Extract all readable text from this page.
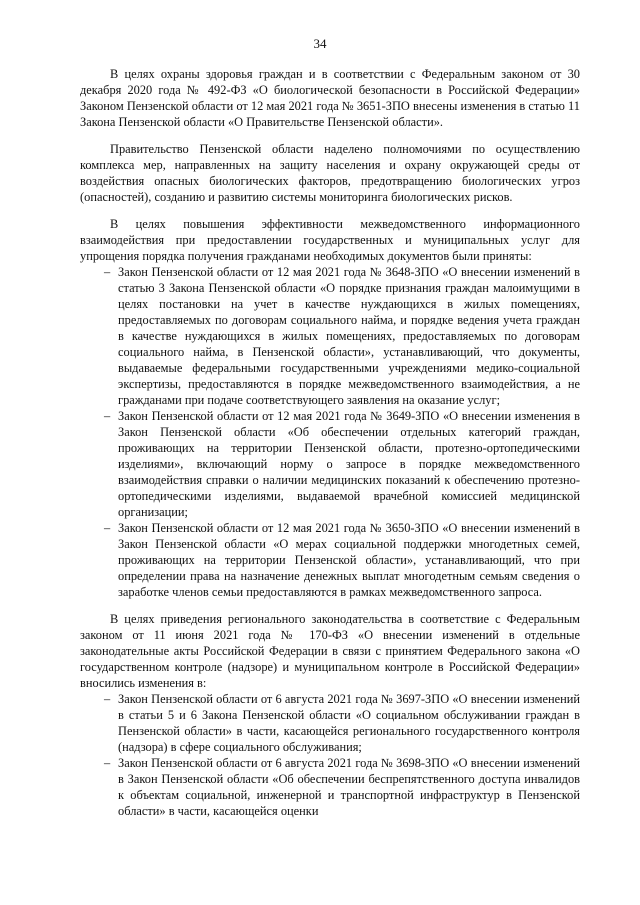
34

В целях охраны здоровья граждан и в соответствии с Федеральным законом от 30 декабря 2020 года № 492-ФЗ «О биологической безопасности в Российской Федерации» Законом Пензенской области от 12 мая 2021 года № 3651-ЗПО внесены изменения в статью 11 Закона Пензенской области «О Правительстве Пензенской области».

Правительство Пензенской области наделено полномочиями по осуществлению комплекса мер, направленных на защиту населения и охрану окружающей среды от воздействия опасных биологических факторов, предотвращению биологических угроз (опасностей), созданию и развитию системы мониторинга биологических рисков.

В целях повышения эффективности межведомственного информационного взаимодействия при предоставлении государственных и муниципальных услуг для упрощения порядка получения гражданами необходимых документов были приняты:

– Закон Пензенской области от 12 мая 2021 года № 3648-ЗПО «О внесении изменений в статью 3 Закона Пензенской области «О порядке признания граждан малоимущими в целях постановки на учет в качестве нуждающихся в жилых помещениях, предоставляемых по договорам социального найма, и порядке ведения учета граждан в качестве нуждающихся в жилых помещениях, предоставляемых по договорам социального найма, в Пензенской области», устанавливающий, что документы, выдаваемые федеральными государственными учреждениями медико-социальной экспертизы, предоставляются в порядке межведомственного взаимодействия, а не гражданами при подаче соответствующего заявления на оказание услуг;
– Закон Пензенской области от 12 мая 2021 года № 3649-ЗПО «О внесении изменения в Закон Пензенской области «Об обеспечении отдельных категорий граждан, проживающих на территории Пензенской области, протезно-ортопедическими изделиями», включающий норму о запросе в порядке межведомственного взаимодействия справки о наличии медицинских показаний к обеспечению протезно-ортопедическими изделиями, выдаваемой врачебной комиссией медицинской организации;
– Закон Пензенской области от 12 мая 2021 года № 3650-ЗПО «О внесении изменений в Закон Пензенской области «О мерах социальной поддержки многодетных семей, проживающих на территории Пензенской области», устанавливающий, что при определении права на назначение денежных выплат многодетным семьям сведения о заработке членов семьи предоставляются в рамках межведомственного запроса.

В целях приведения регионального законодательства в соответствие с Федеральным законом от 11 июня 2021 года № 170-ФЗ «О внесении изменений в отдельные законодательные акты Российской Федерации в связи с принятием Федерального закона «О государственном контроле (надзоре) и муниципальном контроле в Российской Федерации» вносились изменения в:

– Закон Пензенской области от 6 августа 2021 года № 3697-ЗПО «О внесении изменений в статьи 5 и 6 Закона Пензенской области «О социальном обслуживании граждан в Пензенской области» в части, касающейся регионального государственного контроля (надзора) в сфере социального обслуживания;
– Закон Пензенской области от 6 августа 2021 года № 3698-ЗПО «О внесении изменений в Закон Пензенской области «Об обеспечении беспрепятственного доступа инвалидов к объектам социальной, инженерной и транспортной инфраструктур в Пензенской области» в части, касающейся оценки
